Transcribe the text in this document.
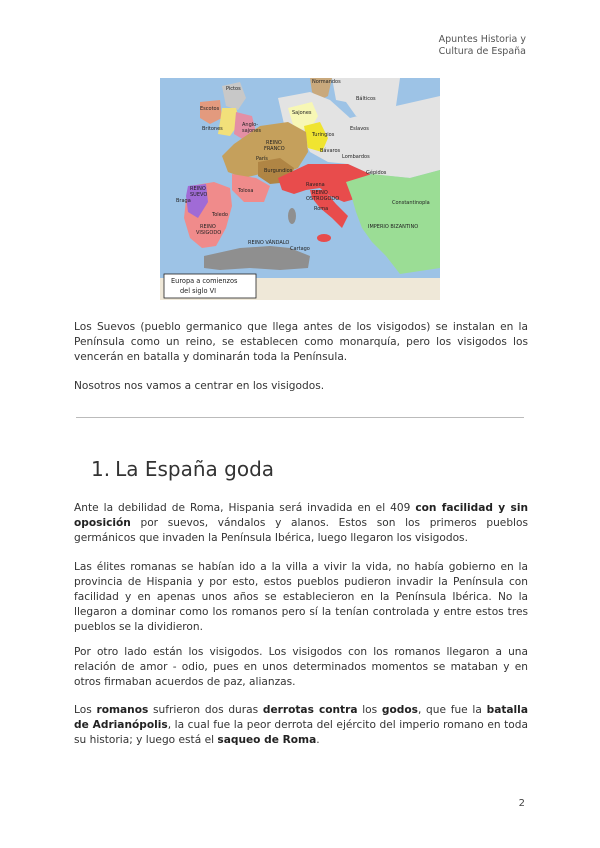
Apuntes Historia y
Cultura de España
Normandos
Pictos
Escotos
Britones
Anglo-
sajones
Sajones
Bálticos
Turingios
Eslavos
Bávaros
Lombardos
REINO
FRANCO
París
Burgundios
Tolosa
Gépidos
REINO
SUEVO
Braga
Toledo
REINO
VISIGODO
Ravena
REINO
OSTROGODO
Roma
Constantinopla
IMPERIO BIZANTINO
REINO VÁNDALO
Cartago
Europa a comienzos
del siglo VI

Los Suevos (pueblo germanico que llega antes de los visigodos) se instalan en la Península como un reino, se establecen como monarquía, pero los visigodos los vencerán en batalla y dominarán toda la Península.

Nosotros nos vamos a centrar en los visigodos.

1. La España goda

Ante la debilidad de Roma, Hispania será invadida en el 409 con facilidad y sin oposición por suevos, vándalos y alanos. Estos son los primeros pueblos germánicos que invaden la Península Ibérica, luego llegaron los visigodos.

Las élites romanas se habían ido a la villa a vivir la vida, no había gobierno en la provincia de Hispania y por esto, estos pueblos pudieron invadir la Península con facilidad y en apenas unos años se establecieron en la Península Ibérica. No la llegaron a dominar como los romanos pero sí la tenían controlada y entre estos tres pueblos se la dividieron.

Por otro lado están los visigodos. Los visigodos con los romanos llegaron a una relación de amor - odio, pues en unos determinados momentos se mataban y en otros firmaban acuerdos de paz, alianzas.

Los romanos sufrieron dos duras derrotas contra los godos, que fue la batalla de Adrianópolis, la cual fue la peor derrota del ejército del imperio romano en toda su historia; y luego está el saqueo de Roma.

2
